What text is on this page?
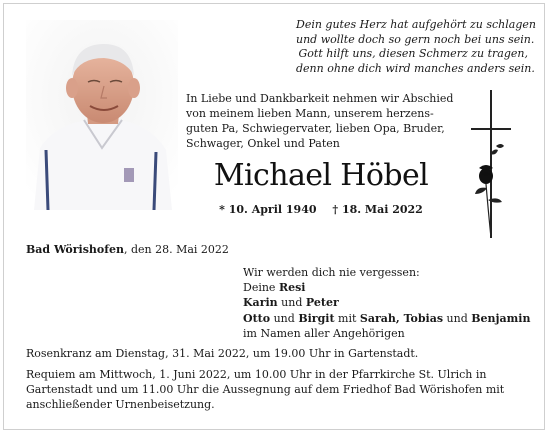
Dein gutes Herz hat aufgehört zu schlagen
und wollte doch so gern noch bei uns sein.
Gott hilft uns, diesen Schmerz zu tragen,
denn ohne dich wird manches anders sein.
In Liebe und Dankbarkeit nehmen wir Abschied
von meinem lieben Mann, unserem herzens-
guten Pa, Schwiegervater, lieben Opa, Bruder,
Schwager, Onkel und Paten
Michael Höbel
* 10. April 1940 † 18. Mai 2022
Bad Wörishofen, den 28. Mai 2022
Wir werden dich nie vergessen:
Deine Resi
Karin und Peter
Otto und Birgit mit Sarah, Tobias und Benjamin
im Namen aller Angehörigen
Rosenkranz am Dienstag, 31. Mai 2022, um 19.00 Uhr in Gartenstadt.
Requiem am Mittwoch, 1. Juni 2022, um 10.00 Uhr in der Pfarrkirche St. Ulrich in
Gartenstadt und um 11.00 Uhr die Aussegnung auf dem Friedhof Bad Wörishofen mit
anschließender Urnenbeisetzung.
